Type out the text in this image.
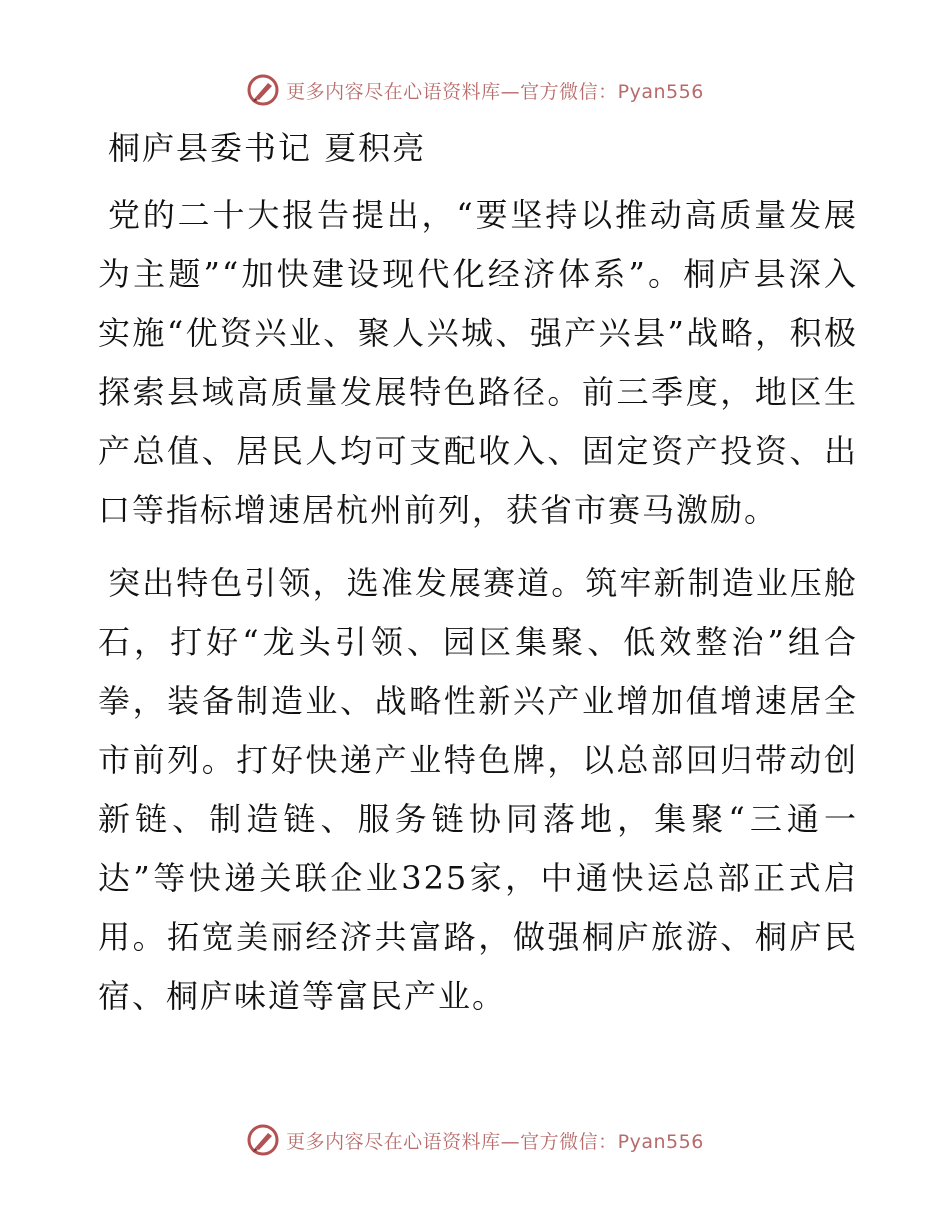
更多内容尽在心语资料库—官方微信：Pyan556

桐庐县委书记 夏积亮

党的二十大报告提出，“要坚持以推动高质量发展为主题”“加快建设现代化经济体系”。桐庐县深入实施“优资兴业、聚人兴城、强产兴县”战略，积极探索县域高质量发展特色路径。前三季度，地区生产总值、居民人均可支配收入、固定资产投资、出口等指标增速居杭州前列，获省市赛马激励。

突出特色引领，选准发展赛道。筑牢新制造业压舱石，打好“龙头引领、园区集聚、低效整治”组合拳，装备制造业、战略性新兴产业增加值增速居全市前列。打好快递产业特色牌，以总部回归带动创新链、制造链、服务链协同落地，集聚“三通一达”等快递关联企业325家，中通快运总部正式启用。拓宽美丽经济共富路，做强桐庐旅游、桐庐民宿、桐庐味道等富民产业。

更多内容尽在心语资料库—官方微信：Pyan556
